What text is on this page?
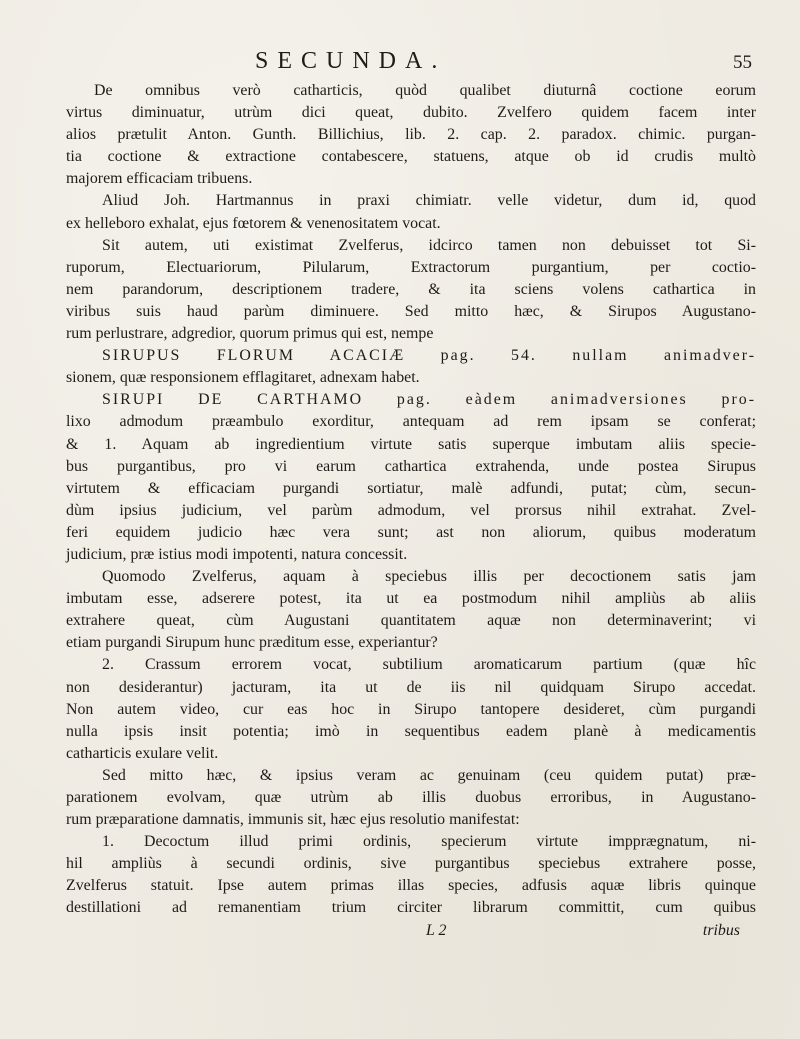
SECUNDA.	55
De omnibus verò catharticis, quòd qualibet diuturnâ coctione eorum
virtus diminuatur, utrùm dici queat, dubito. Zvelfero quidem facem inter
alios prætulit Anton. Gunth. Billichius, lib. 2. cap. 2. paradox. chimic. purgan-
tia coctione & extractione contabescere, statuens, atque ob id crudis multò
majorem efficaciam tribuens.
Aliud Joh. Hartmannus in praxi chimiatr. velle videtur, dum id, quod
ex helleboro exhalat, ejus fœtorem & venenositatem vocat.
Sit autem, uti existimat Zvelferus, idcirco tamen non debuisset tot Si-
ruporum, Electuariorum, Pilularum, Extractorum purgantium, per coctio-
nem parandorum, descriptionem tradere, & ita sciens volens cathartica in
viribus suis haud parùm diminuere. Sed mitto hæc, & Sirupos Augustano-
rum perlustrare, adgredior, quorum primus qui est, nempe
SIRUPUS FLORUM ACACIÆ pag. 54. nullam animadver-
sionem, quæ responsionem efflagitaret, adnexam habet.
SIRUPI DE CARTHAMO pag. eàdem animadversiones pro-
lixo admodum præambulo exorditur, antequam ad rem ipsam se conferat;
& 1. Aquam ab ingredientium virtute satis superque imbutam aliis specie-
bus purgantibus, pro vi earum cathartica extrahenda, unde postea Sirupus
virtutem & efficaciam purgandi sortiatur, malè adfundi, putat; cùm, secun-
dùm ipsius judicium, vel parùm admodum, vel prorsus nihil extrahat. Zvel-
feri equidem judicio hæc vera sunt; ast non aliorum, quibus moderatum
judicium, præ istius modi impotenti, natura concessit.
Quomodo Zvelferus, aquam à speciebus illis per decoctionem satis jam
imbutam esse, adserere potest, ita ut ea postmodum nihil ampliùs ab aliis
extrahere queat, cùm Augustani quantitatem aquæ non determinaverint; vi
etiam purgandi Sirupum hunc præditum esse, experiantur?
2. Crassum errorem vocat, subtilium aromaticarum partium (quæ hîc
non desiderantur) jacturam, ita ut de iis nil quidquam Sirupo accedat.
Non autem video, cur eas hoc in Sirupo tantopere desideret, cùm purgandi
nulla ipsis insit potentia; imò in sequentibus eadem planè à medicamentis
catharticis exulare velit.
Sed mitto hæc, & ipsius veram ac genuinam (ceu quidem putat) præ-
parationem evolvam, quæ utrùm ab illis duobus erroribus, in Augustano-
rum præparatione damnatis, immunis sit, hæc ejus resolutio manifestat:
1. Decoctum illud primi ordinis, specierum virtute impprægnatum, ni-
hil ampliùs à secundi ordinis, sive purgantibus speciebus extrahere posse,
Zvelferus statuit. Ipse autem primas illas species, adfusis aquæ libris quinque
destillationi ad remanentiam trium circiter librarum committit, cum quibus
L 2	tribus
